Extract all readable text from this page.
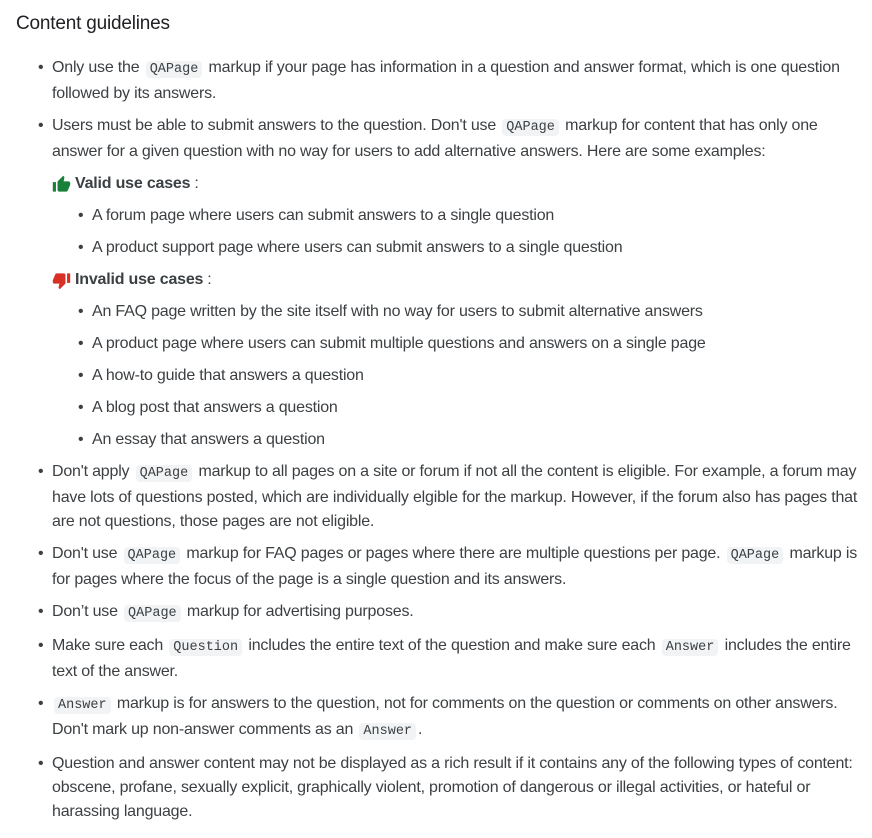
Content guidelines
• Only use the QAPage markup if your page has information in a question and answer format, which is one question followed by its answers.
• Users must be able to submit answers to the question. Don't use QAPage markup for content that has only one answer for a given question with no way for users to add alternative answers. Here are some examples:
Valid use cases :
• A forum page where users can submit answers to a single question
• A product support page where users can submit answers to a single question
Invalid use cases :
• An FAQ page written by the site itself with no way for users to submit alternative answers
• A product page where users can submit multiple questions and answers on a single page
• A how-to guide that answers a question
• A blog post that answers a question
• An essay that answers a question
• Don't apply QAPage markup to all pages on a site or forum if not all the content is eligible. For example, a forum may have lots of questions posted, which are individually elgible for the markup. However, if the forum also has pages that are not questions, those pages are not eligible.
• Don't use QAPage markup for FAQ pages or pages where there are multiple questions per page. QAPage markup is for pages where the focus of the page is a single question and its answers.
• Don’t use QAPage markup for advertising purposes.
• Make sure each Question includes the entire text of the question and make sure each Answer includes the entire text of the answer.
• Answer markup is for answers to the question, not for comments on the question or comments on other answers. Don't mark up non-answer comments as an Answer .
• Question and answer content may not be displayed as a rich result if it contains any of the following types of content: obscene, profane, sexually explicit, graphically violent, promotion of dangerous or illegal activities, or hateful or harassing language.
